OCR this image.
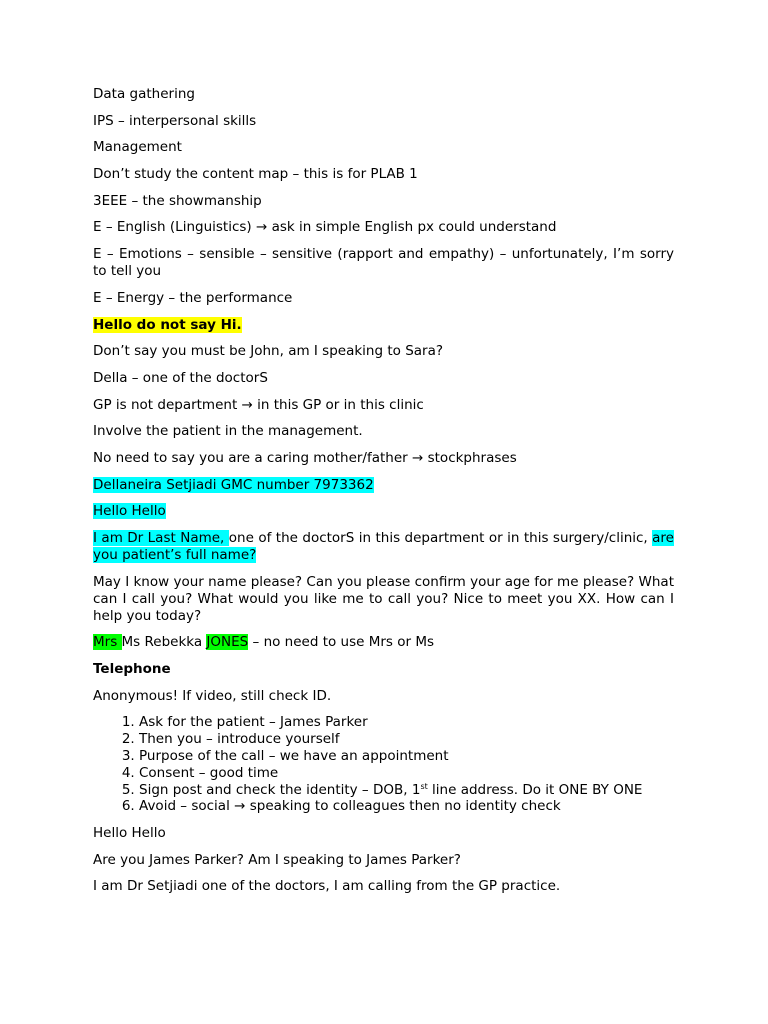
Data gathering

IPS – interpersonal skills

Management

Don’t study the content map – this is for PLAB 1

3EEE – the showmanship

E – English (Linguistics) → ask in simple English px could understand

E – Emotions – sensible – sensitive (rapport and empathy) – unfortunately, I’m sorry to tell you

E – Energy – the performance

Hello do not say Hi.

Don’t say you must be John, am I speaking to Sara?

Della – one of the doctorS

GP is not department → in this GP or in this clinic

Involve the patient in the management.

No need to say you are a caring mother/father → stockphrases

Dellaneira Setjiadi GMC number 7973362

Hello Hello

I am Dr Last Name, one of the doctorS in this department or in this surgery/clinic, are you patient’s full name?

May I know your name please? Can you please confirm your age for me please? What can I call you? What would you like me to call you? Nice to meet you XX. How can I help you today?

Mrs Ms Rebekka JONES – no need to use Mrs or Ms

Telephone

Anonymous! If video, still check ID.

1. Ask for the patient – James Parker
2. Then you – introduce yourself
3. Purpose of the call – we have an appointment
4. Consent – good time
5. Sign post and check the identity – DOB, 1st line address. Do it ONE BY ONE
6. Avoid – social → speaking to colleagues then no identity check

Hello Hello

Are you James Parker? Am I speaking to James Parker?

I am Dr Setjiadi one of the doctors, I am calling from the GP practice.
